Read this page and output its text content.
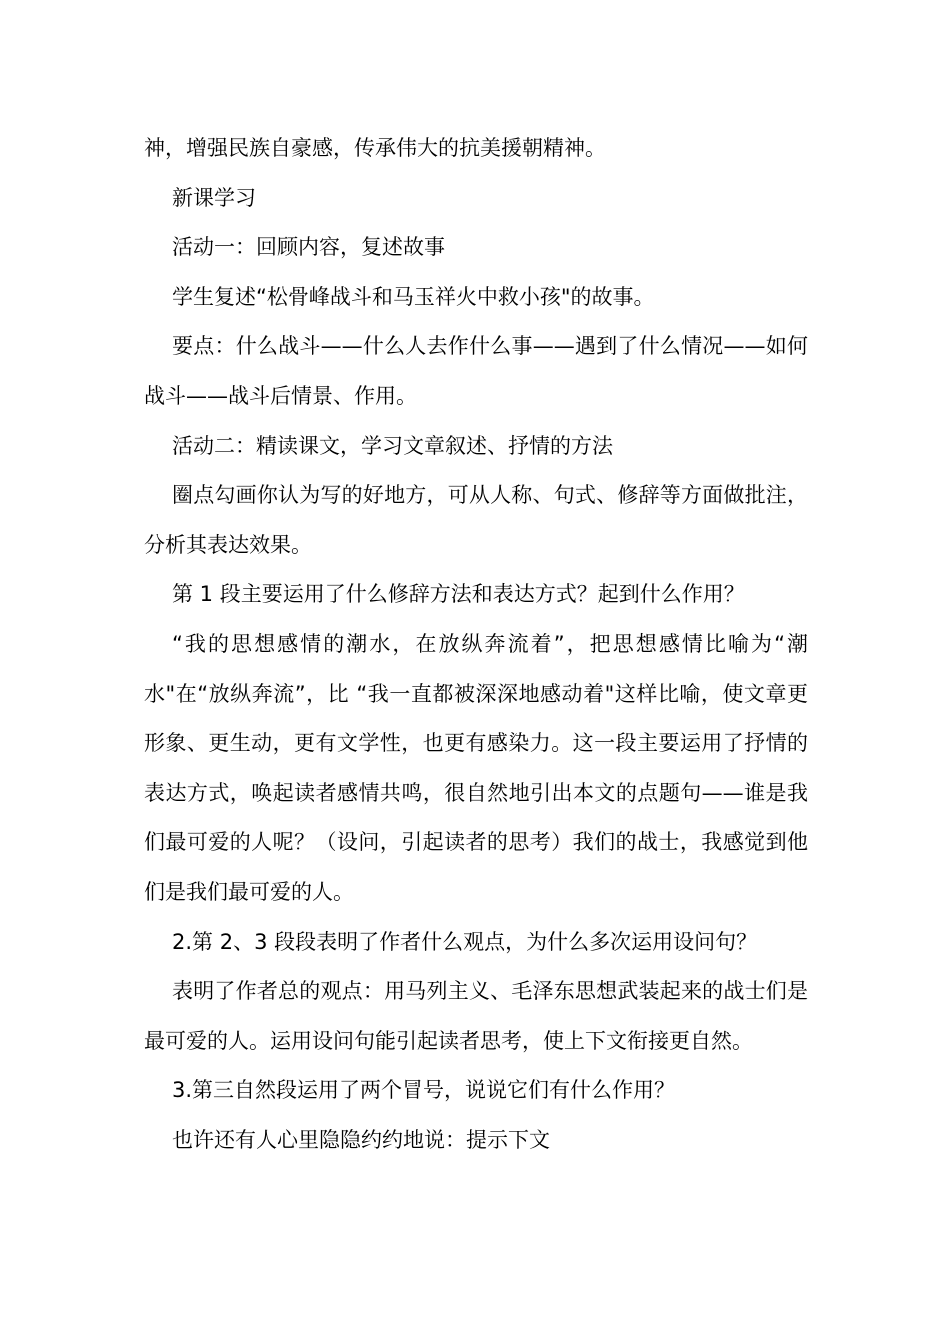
神，增强民族自豪感，传承伟大的抗美援朝精神。

新课学习

活动一：回顾内容，复述故事

学生复述“松骨峰战斗和马玉祥火中救小孩"的故事。

要点：什么战斗——什么人去作什么事——遇到了什么情况——如何战斗——战斗后情景、作用。

活动二：精读课文，学习文章叙述、抒情的方法

圈点勾画你认为写的好地方，可从人称、句式、修辞等方面做批注，分析其表达效果。

第 1 段主要运用了什么修辞方法和表达方式？起到什么作用？

“我的思想感情的潮水，在放纵奔流着”，把思想感情比喻为“潮水"在“放纵奔流”，比 “我一直都被深深地感动着"这样比喻，使文章更形象、更生动，更有文学性，也更有感染力。这一段主要运用了抒情的表达方式，唤起读者感情共鸣，很自然地引出本文的点题句——谁是我们最可爱的人呢？（设问，引起读者的思考）我们的战士，我感觉到他们是我们最可爱的人。

2.第 2、3 段段表明了作者什么观点，为什么多次运用设问句？

表明了作者总的观点：用马列主义、毛泽东思想武装起来的战士们是最可爱的人。运用设问句能引起读者思考，使上下文衔接更自然。

3.第三自然段运用了两个冒号，说说它们有什么作用？

也许还有人心里隐隐约约地说：提示下文
